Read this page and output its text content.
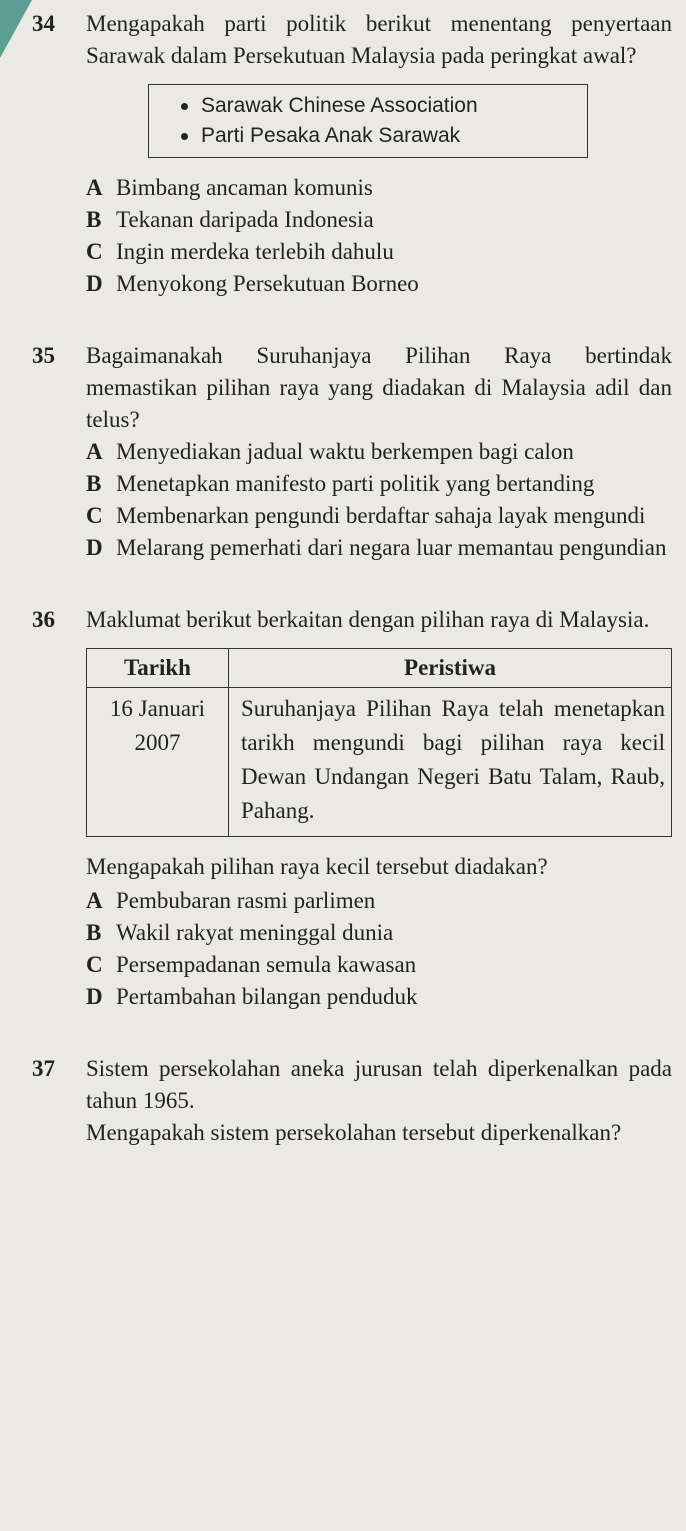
34 Mengapakah parti politik berikut menentang penyertaan Sarawak dalam Persekutuan Malaysia pada peringkat awal?
Sarawak Chinese Association
Parti Pesaka Anak Sarawak
A Bimbang ancaman komunis
B Tekanan daripada Indonesia
C Ingin merdeka terlebih dahulu
D Menyokong Persekutuan Borneo
35 Bagaimanakah Suruhanjaya Pilihan Raya bertindak memastikan pilihan raya yang diadakan di Malaysia adil dan telus?
A Menyediakan jadual waktu berkempen bagi calon
B Menetapkan manifesto parti politik yang bertanding
C Membenarkan pengundi berdaftar sahaja layak mengundi
D Melarang pemerhati dari negara luar memantau pengundian
36 Maklumat berikut berkaitan dengan pilihan raya di Malaysia.
Tarikh	Peristiwa
16 Januari 2007	Suruhanjaya Pilihan Raya telah menetapkan tarikh mengundi bagi pilihan raya kecil Dewan Undangan Negeri Batu Talam, Raub, Pahang.
Mengapakah pilihan raya kecil tersebut diadakan?
A Pembubaran rasmi parlimen
B Wakil rakyat meninggal dunia
C Persempadanan semula kawasan
D Pertambahan bilangan penduduk
37 Sistem persekolahan aneka jurusan telah diperkenalkan pada tahun 1965.
Mengapakah sistem persekolahan tersebut diperkenalkan?
